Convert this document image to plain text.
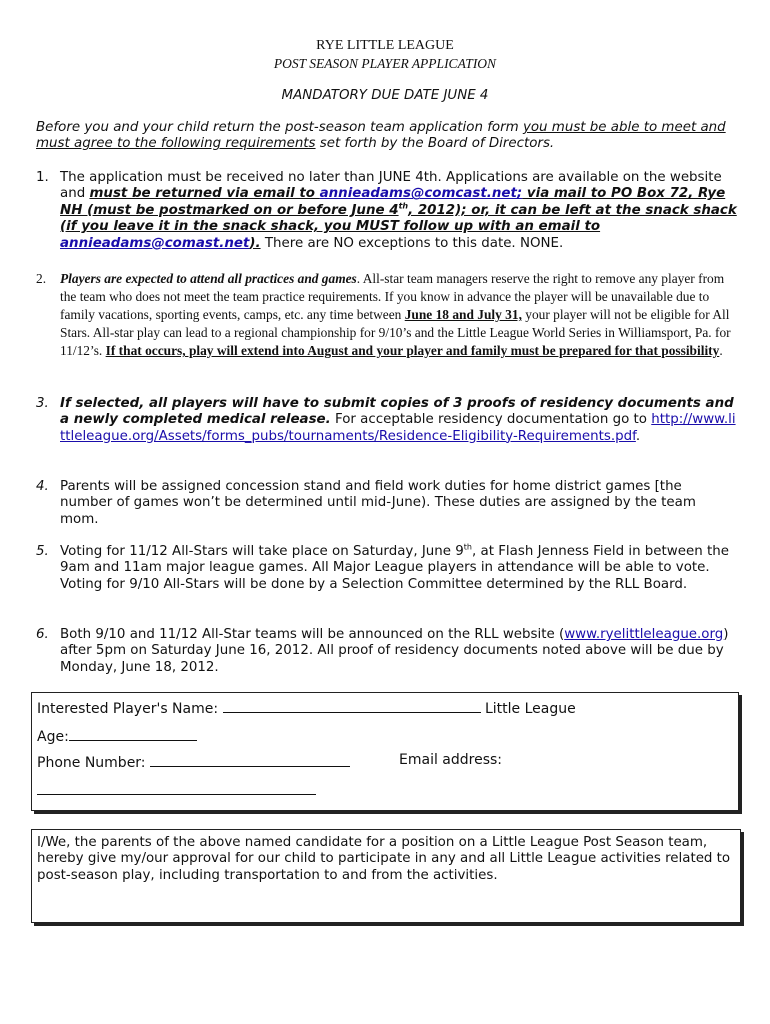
RYE LITTLE LEAGUE
POST SEASON PLAYER APPLICATION
MANDATORY DUE DATE JUNE 4
Before you and your child return the post-season team application form you must be able to meet and must agree to the following requirements set forth by the Board of Directors.
1. The application must be received no later than JUNE 4th. Applications are available on the website and must be returned via email to annieadams@comcast.net; via mail to PO Box 72, Rye NH (must be postmarked on or before June 4th, 2012); or, it can be left at the snack shack (if you leave it in the snack shack, you MUST follow up with an email to annieadams@comast.net). There are NO exceptions to this date. NONE.
2. Players are expected to attend all practices and games. All-star team managers reserve the right to remove any player from the team who does not meet the team practice requirements. If you know in advance the player will be unavailable due to family vacations, sporting events, camps, etc. any time between June 18 and July 31, your player will not be eligible for All Stars. All-star play can lead to a regional championship for 9/10’s and the Little League World Series in Williamsport, Pa. for 11/12’s. If that occurs, play will extend into August and your player and family must be prepared for that possibility.
3. If selected, all players will have to submit copies of 3 proofs of residency documents and a newly completed medical release. For acceptable residency documentation go to http://www.littleleague.org/Assets/forms_pubs/tournaments/Residence-Eligibility-Requirements.pdf.
4. Parents will be assigned concession stand and field work duties for home district games [the number of games won’t be determined until mid-June). These duties are assigned by the team mom.
5. Voting for 11/12 All-Stars will take place on Saturday, June 9th, at Flash Jenness Field in between the 9am and 11am major league games. All Major League players in attendance will be able to vote. Voting for 9/10 All-Stars will be done by a Selection Committee determined by the RLL Board.
6. Both 9/10 and 11/12 All-Star teams will be announced on the RLL website (www.ryelittleleague.org) after 5pm on Saturday June 16, 2012. All proof of residency documents noted above will be due by Monday, June 18, 2012.
Interested Player's Name:	Little League
Age:
Phone Number:	Email address:
I/We, the parents of the above named candidate for a position on a Little League Post Season team, hereby give my/our approval for our child to participate in any and all Little League activities related to post-season play, including transportation to and from the activities.
